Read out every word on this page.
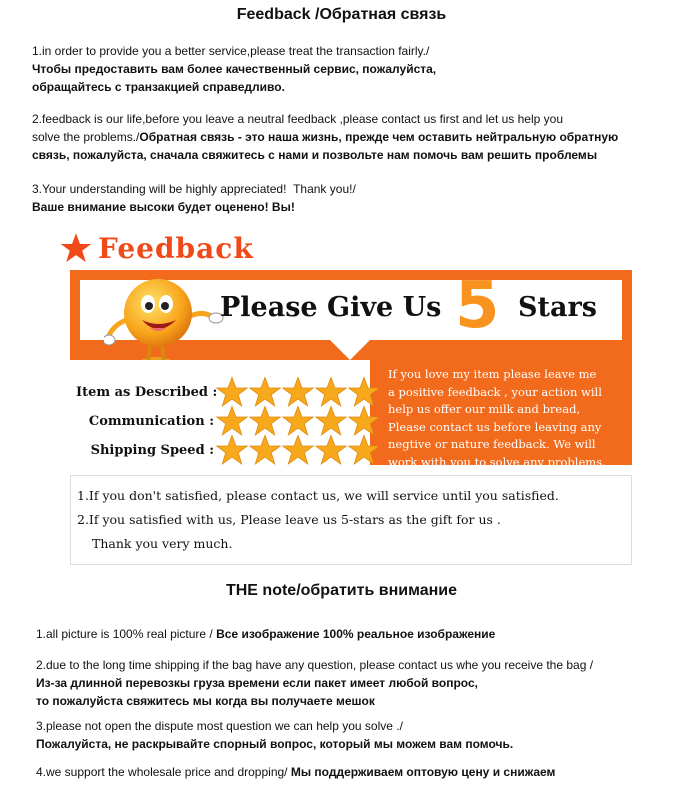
Feedback /Обратная связь
1.in order to provide you a better service,please treat the transaction fairly./
Чтобы предоставить вам более качественный сервис, пожалуйста,
обращайтесь с транзакцией справедливо.
2.feedback is our life,before you leave a neutral feedback ,please contact us first and let us help you
solve the problems./Обратная связь - это наша жизнь, прежде чем оставить нейтральную обратную
связь, пожалуйста, сначала свяжитесь с нами и позвольте нам помочь вам решить проблемы
3.Your understanding will be highly appreciated! Thank you!/
Ваше внимание высоки будет оценено! Вы!
Feedback
Please Give Us 5 Stars
Item as Described :
Communication :
Shipping Speed :
If you love my item please leave me
a positive feedback , your action will
help us offer our milk and bread,
Please contact us before leaving any
negtive or nature feedback. We will
work with you to solve any problems.
1.If you don't satisfied, please contact us, we will service until you satisfied.
2.If you satisfied with us, Please leave us 5-stars as the gift for us .
Thank you very much.
THE note/обратить внимание
1.all picture is 100% real picture / Все изображение 100% реальное изображение
2.due to the long time shipping if the bag have any question, please contact us whe you receive the bag /
Из-за длинной перевозкы груза времени если пакет имеет любой вопрос,
то пожалуйста свяжитесь мы когда вы получаете мешок
3.please not open the dispute most question we can help you solve ./
Пожалуйста, не раскрывайте спорный вопрос, который мы можем вам помочь.
4.we support the wholesale price and dropping/ Мы поддерживаем оптовую цену и снижаем
